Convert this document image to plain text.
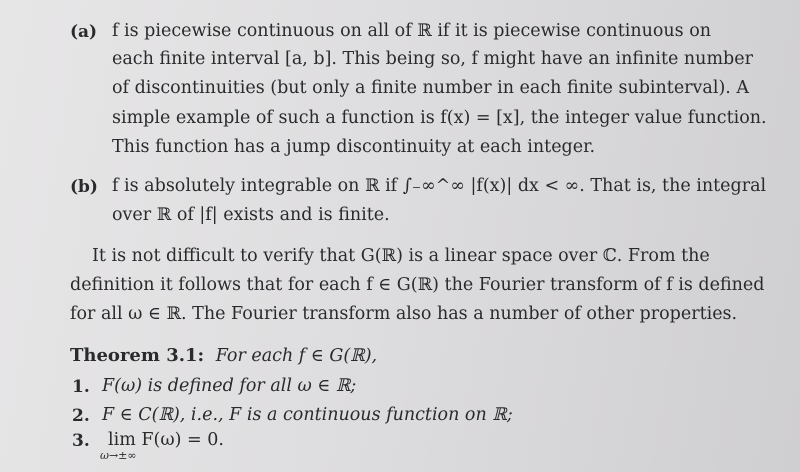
(a) f is piecewise continuous on all of ℝ if it is piecewise continuous on
each finite interval [a, b]. This being so, f might have an infinite number
of discontinuities (but only a finite number in each finite subinterval). A
simple example of such a function is f(x) = [x], the integer value function.
This function has a jump discontinuity at each integer.
(b) f is absolutely integrable on ℝ if ∫₋∞^∞ |f(x)| dx < ∞. That is, the integral
over ℝ of |f| exists and is finite.
It is not difficult to verify that G(ℝ) is a linear space over ℂ. From the
definition it follows that for each f ∈ G(ℝ) the Fourier transform of f is defined
for all ω ∈ ℝ. The Fourier transform also has a number of other properties.
Theorem 3.1: For each f ∈ G(ℝ),
1. F(ω) is defined for all ω ∈ ℝ;
2. F ∈ C(ℝ), i.e., F is a continuous function on ℝ;
3. lim F(ω) = 0.
ω→±∞
